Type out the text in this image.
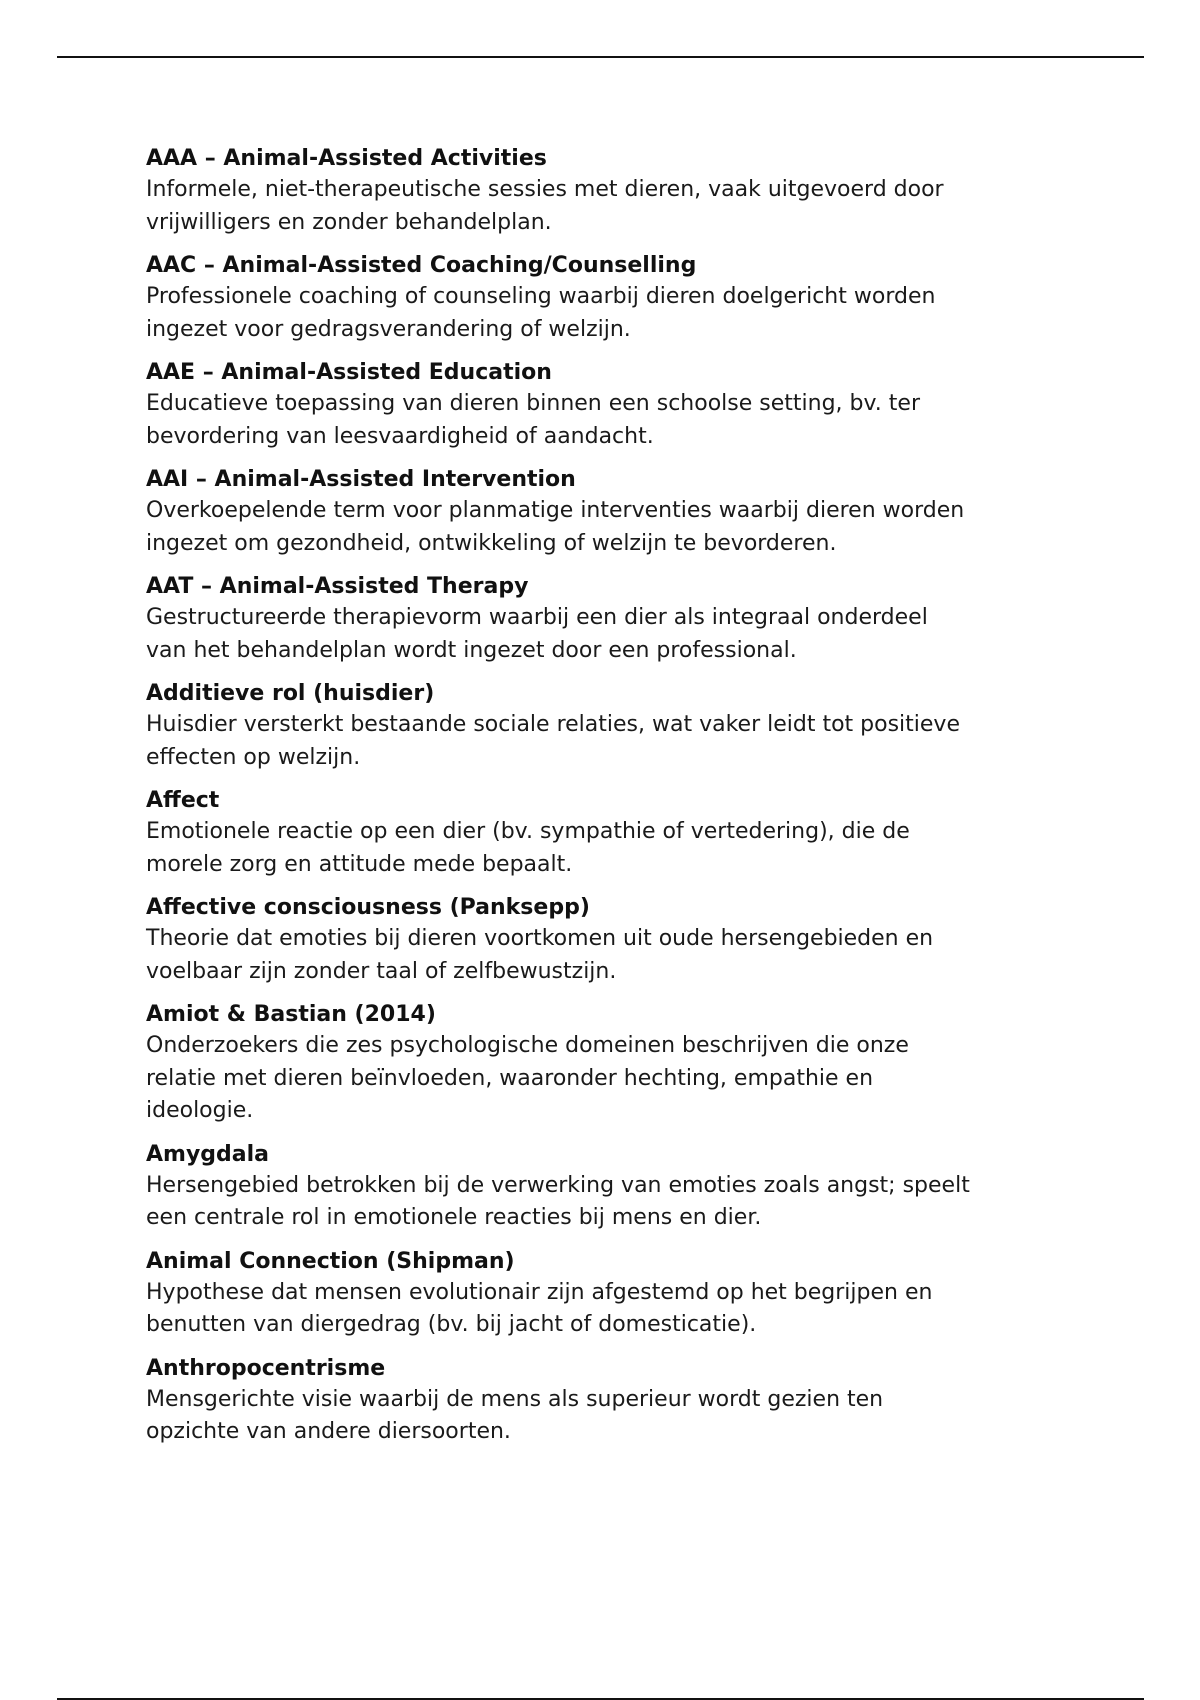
AAA – Animal-Assisted Activities

Informele, niet-therapeutische sessies met dieren, vaak uitgevoerd door
vrijwilligers en zonder behandelplan.

AAC – Animal-Assisted Coaching/Counselling

Professionele coaching of counseling waarbij dieren doelgericht worden
ingezet voor gedragsverandering of welzijn.

AAE – Animal-Assisted Education

Educatieve toepassing van dieren binnen een schoolse setting, bv. ter
bevordering van leesvaardigheid of aandacht.

AAI – Animal-Assisted Intervention

Overkoepelende term voor planmatige interventies waarbij dieren worden
ingezet om gezondheid, ontwikkeling of welzijn te bevorderen.

AAT – Animal-Assisted Therapy

Gestructureerde therapievorm waarbij een dier als integraal onderdeel
van het behandelplan wordt ingezet door een professional.

Additieve rol (huisdier)

Huisdier versterkt bestaande sociale relaties, wat vaker leidt tot positieve
effecten op welzijn.

Affect

Emotionele reactie op een dier (bv. sympathie of vertedering), die de
morele zorg en attitude mede bepaalt.

Affective consciousness (Panksepp)

Theorie dat emoties bij dieren voortkomen uit oude hersengebieden en
voelbaar zijn zonder taal of zelfbewustzijn.

Amiot & Bastian (2014)

Onderzoekers die zes psychologische domeinen beschrijven die onze
relatie met dieren beïnvloeden, waaronder hechting, empathie en
ideologie.

Amygdala

Hersengebied betrokken bij de verwerking van emoties zoals angst; speelt
een centrale rol in emotionele reacties bij mens en dier.

Animal Connection (Shipman)

Hypothese dat mensen evolutionair zijn afgestemd op het begrijpen en
benutten van diergedrag (bv. bij jacht of domesticatie).

Anthropocentrisme

Mensgerichte visie waarbij de mens als superieur wordt gezien ten
opzichte van andere diersoorten.
